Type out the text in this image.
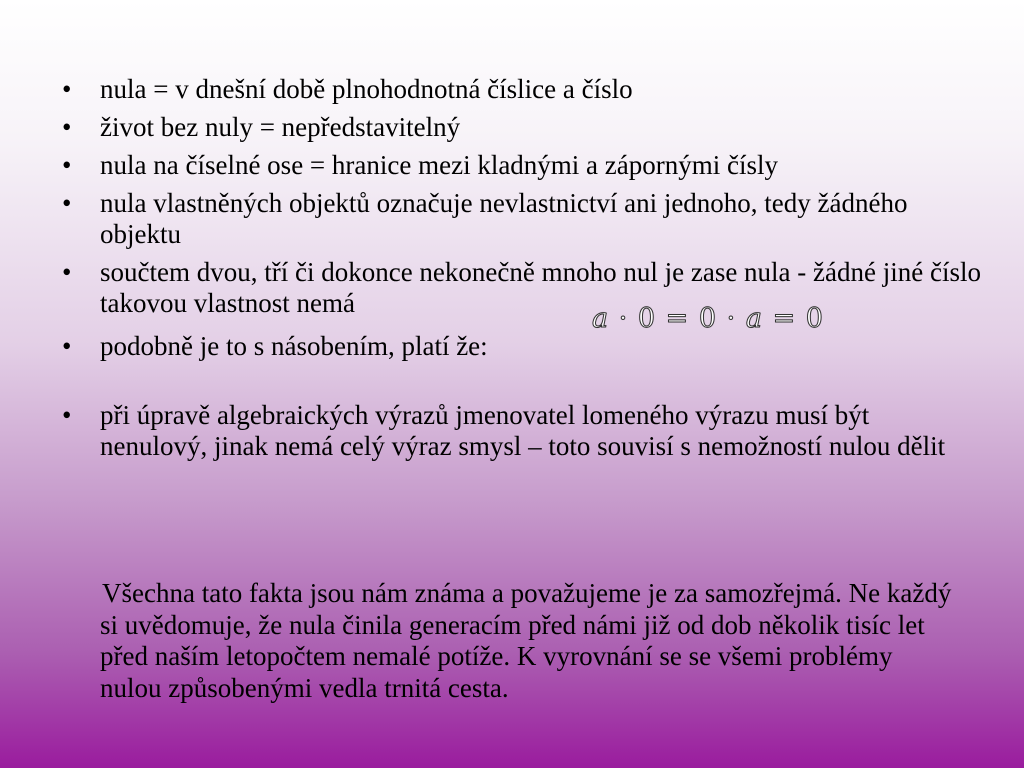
• nula = v dnešní době plnohodnotná číslice a číslo
• život bez nuly = nepředstavitelný
• nula na číselné ose = hranice mezi kladnými a zápornými čísly
• nula vlastněných objektů označuje nevlastnictví ani jednoho, tedy žádného objektu
• součtem dvou, tří či dokonce nekonečně mnoho nul je zase nula - žádné jiné číslo takovou vlastnost nemá
• podobně je to s násobením, platí že:
• při úpravě algebraických výrazů jmenovatel lomeného výrazu musí být nenulový, jinak nemá celý výraz smysl – toto souvisí s nemožností nulou dělit
a · 0 = 0 · a = 0

Všechna tato fakta jsou nám známa a považujeme je za samozřejmá. Ne každý si uvědomuje, že nula činila generacím před námi již od dob několik tisíc let před naším letopočtem nemalé potíže. K vyrovnání se se všemi problémy nulou způsobenými vedla trnitá cesta.
